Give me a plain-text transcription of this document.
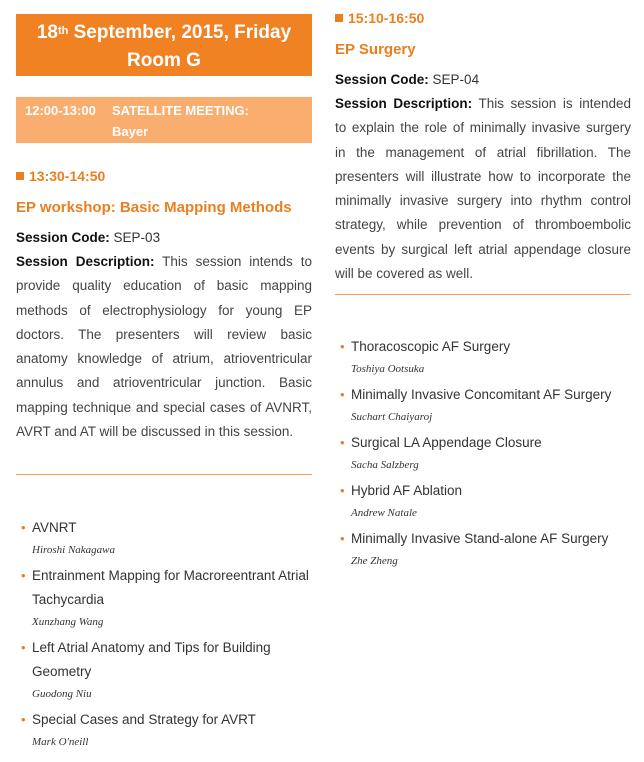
18th September, 2015, Friday
Room G
12:00-13:00 SATELLITE MEETING:
Bayer
13:30-14:50
EP workshop: Basic Mapping Methods
Session Code: SEP-03

Session Description: This session intends to provide quality education of basic mapping methods of electrophysiology for young EP doctors. The presenters will review basic anatomy knowledge of atrium, atrioventricular annulus and atrioventricular junction. Basic mapping technique and special cases of AVNRT, AVRT and AT will be discussed in this session.

• AVNRT
Hiroshi Nakagawa
• Entrainment Mapping for Macroreentrant Atrial Tachycardia
Xunzhang Wang
• Left Atrial Anatomy and Tips for Building Geometry
Guodong Niu
• Special Cases and Strategy for AVRT
Mark O'neill
15:10-16:50
EP Surgery
Session Code: SEP-04

Session Description: This session is intended to explain the role of minimally invasive surgery in the management of atrial fibrillation. The presenters will illustrate how to incorporate the minimally invasive surgery into rhythm control strategy, while prevention of thromboembolic events by surgical left atrial appendage closure will be covered as well.

• Thoracoscopic AF Surgery
Toshiya Ootsuka
• Minimally Invasive Concomitant AF Surgery
Suchart Chaiyaroj
• Surgical LA Appendage Closure
Sacha Salzberg
• Hybrid AF Ablation
Andrew Natale
• Minimally Invasive Stand-alone AF Surgery
Zhe Zheng
